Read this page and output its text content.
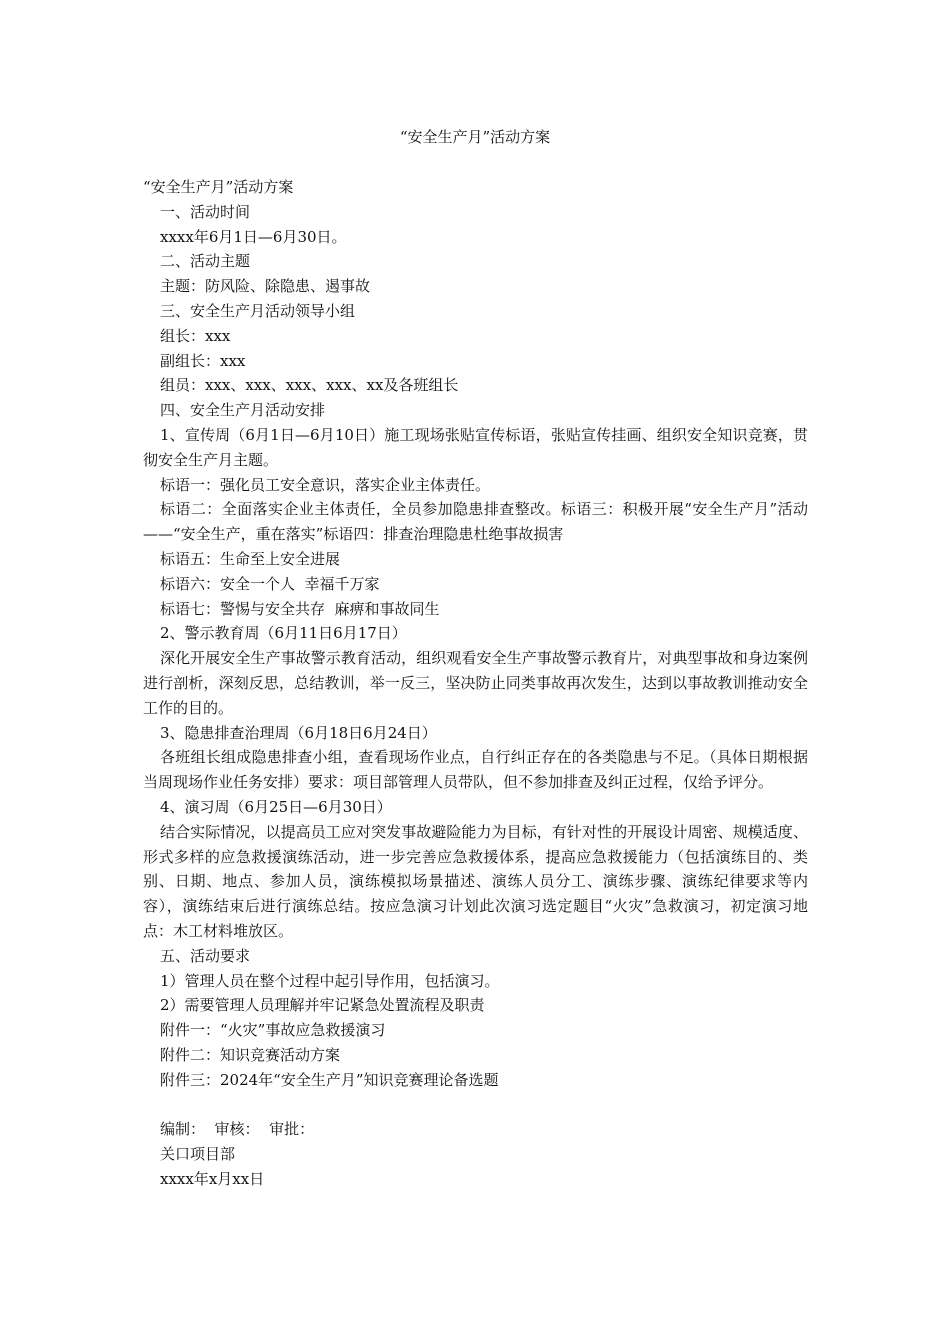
“安全生产月”活动方案

“安全生产月”活动方案

一、活动时间

xxxx年6月1日—6月30日。

二、活动主题

主题：防风险、除隐患、遏事故

三、安全生产月活动领导小组

组长：xxx

副组长：xxx

组员：xxx、xxx、xxx、xxx、xx及各班组长

四、安全生产月活动安排

1、宣传周（6月1日—6月10日）施工现场张贴宣传标语，张贴宣传挂画、组织安全知识竞赛，贯彻安全生产月主题。

标语一：强化员工安全意识，落实企业主体责任。

标语二：全面落实企业主体责任，全员参加隐患排查整改。标语三：积极开展“安全生产月”活动——“安全生产，重在落实”标语四：排查治理隐患杜绝事故损害

标语五：生命至上安全进展

标语六：安全一个人  幸福千万家

标语七：警惕与安全共存  麻痹和事故同生

2、警示教育周（6月11日6月17日）

深化开展安全生产事故警示教育活动，组织观看安全生产事故警示教育片，对典型事故和身边案例进行剖析，深刻反思，总结教训，举一反三，坚决防止同类事故再次发生，达到以事故教训推动安全工作的目的。

3、隐患排查治理周（6月18日6月24日）

各班组长组成隐患排查小组，查看现场作业点，自行纠正存在的各类隐患与不足。（具体日期根据当周现场作业任务安排）要求：项目部管理人员带队，但不参加排查及纠正过程，仅给予评分。

4、演习周（6月25日—6月30日）

结合实际情况，以提高员工应对突发事故避险能力为目标，有针对性的开展设计周密、规模适度、形式多样的应急救援演练活动，进一步完善应急救援体系，提高应急救援能力（包括演练目的、类别、日期、地点、参加人员，演练模拟场景描述、演练人员分工、演练步骤、演练纪律要求等内容），演练结束后进行演练总结。按应急演习计划此次演习选定题目“火灾”急救演习，初定演习地点：木工材料堆放区。

五、活动要求

1）管理人员在整个过程中起引导作用，包括演习。

2）需要管理人员理解并牢记紧急处置流程及职责

附件一：“火灾”事故应急救援演习

附件二：知识竞赛活动方案

附件三：2024年“安全生产月”知识竞赛理论备选题

编制：  审核：  审批：

关口项目部

xxxx年x月xx日
